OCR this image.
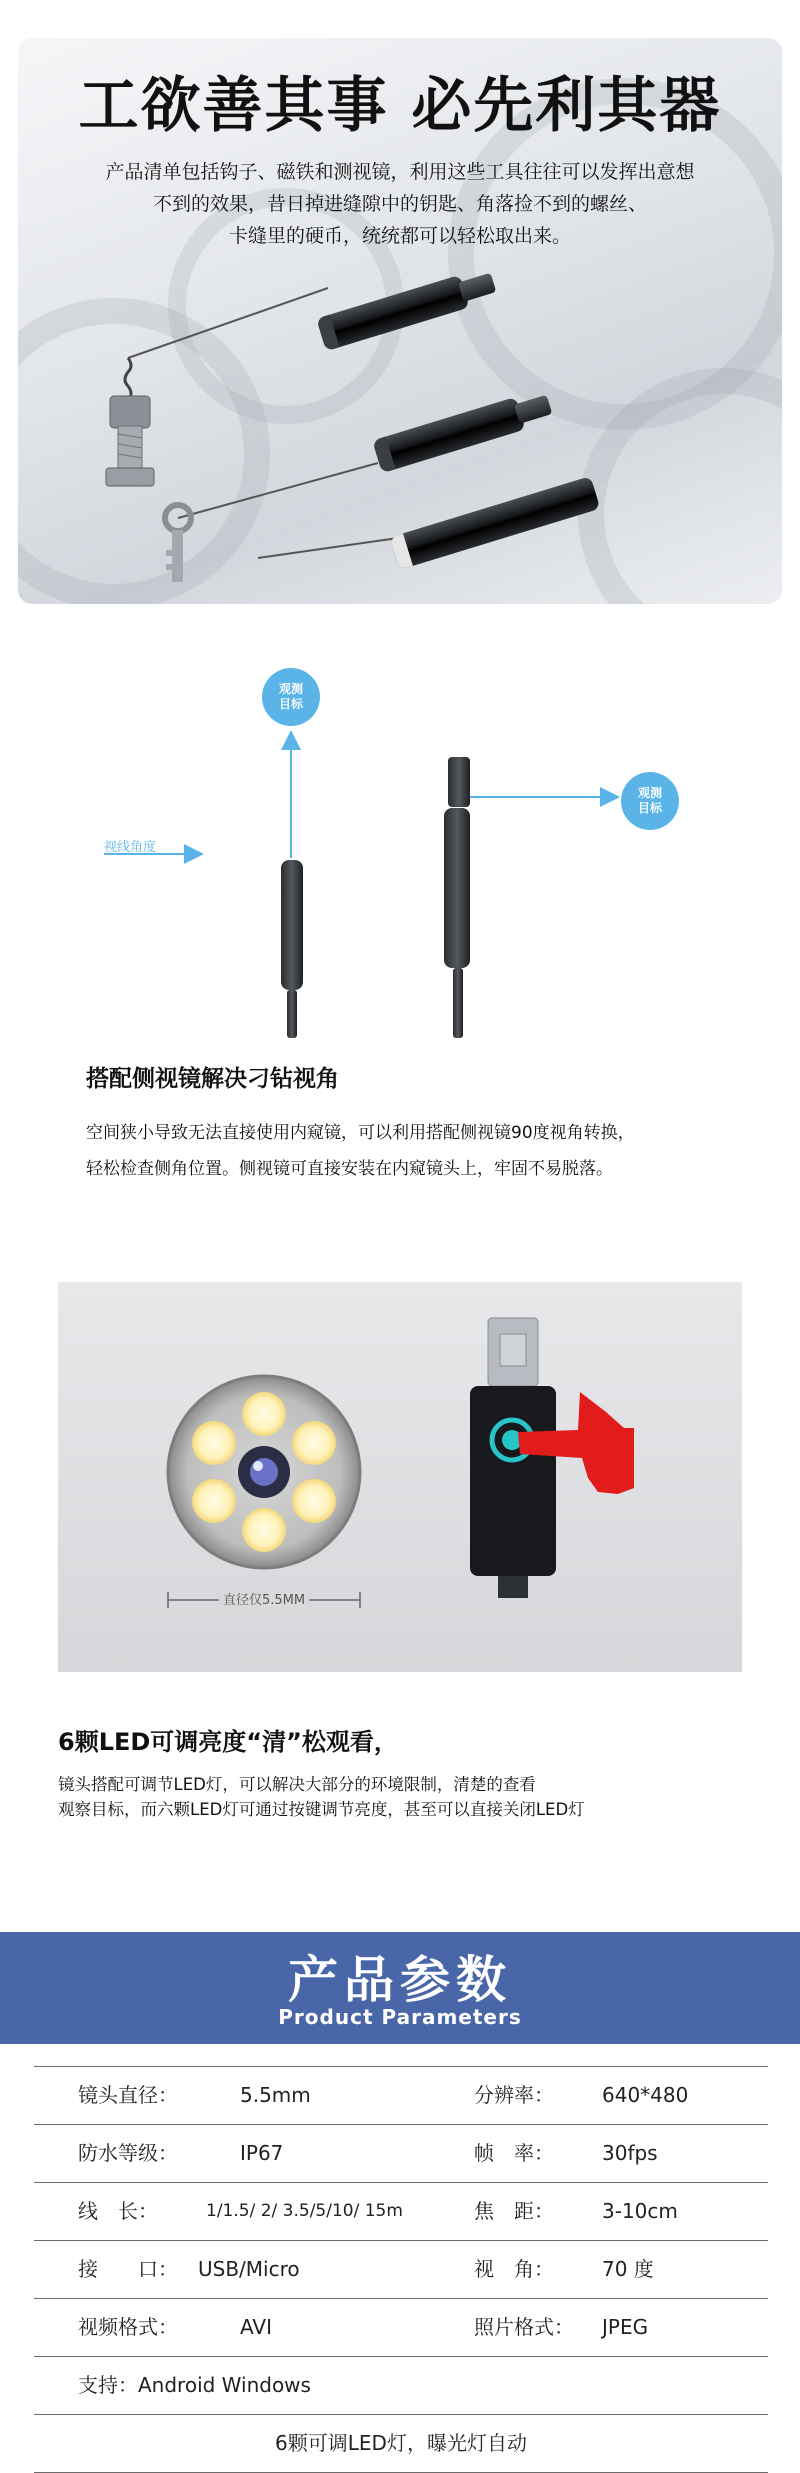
工欲善其事 必先利其器

产品清单包括钩子、磁铁和测视镜，利用这些工具往往可以发挥出意想
不到的效果，昔日掉进缝隙中的钥匙、角落捡不到的螺丝、
卡缝里的硬币，统统都可以轻松取出来。

观测
目标
观测
目标
视线角度
搭配侧视镜解决刁钻视角

空间狭小导致无法直接使用内窥镜，可以利用搭配侧视镜90度视角转换，
轻松检查侧角位置。侧视镜可直接安装在内窥镜头上，牢固不易脱落。

直径仅5.5MM
6颗LED可调亮度“清”松观看，

镜头搭配可调节LED灯，可以解决大部分的环境限制，清楚的查看
观察目标，而六颗LED灯可通过按键调节亮度，甚至可以直接关闭LED灯

产品参数
Product Parameters
镜头直径：	5.5mm	分辨率： 640*480
防水等级：	IP67	帧　率： 30fps
线　长：	1/1.5/ 2/ 3.5/5/10/ 15m	焦　距： 3-10cm
接　　口： USB/Micro	视　角： 70 度
视频格式：	AVI	照片格式： JPEG
支持：Android Windows
6颗可调LED灯，曝光灯自动
